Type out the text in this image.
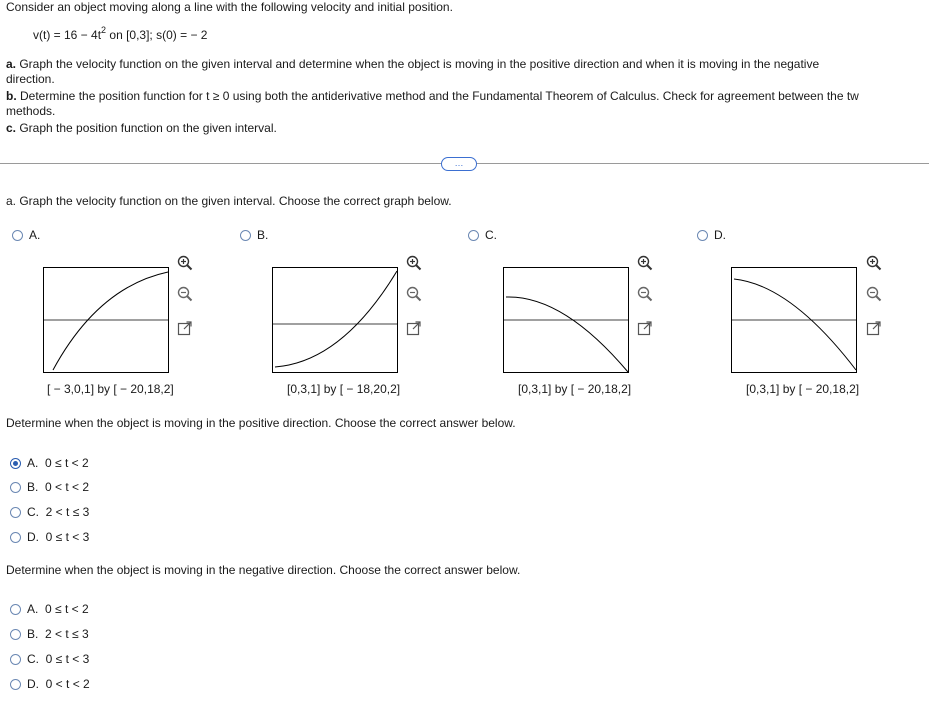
Consider an object moving along a line with the following velocity and initial position.
$v(t) = 16 - 4t^2$ on [0,3]; s(0) = − 2
a. Graph the velocity function on the given interval and determine when the object is moving in the positive direction and when it is moving in the negative
direction.
b. Determine the position function for t ≥ 0 using both the antiderivative method and the Fundamental Theorem of Calculus. Check for agreement between the tw
methods.
c. Graph the position function on the given interval.
…
a. Graph the velocity function on the given interval. Choose the correct graph below.
A.	B.	C.	D.
[ − 3,0,1] by [ − 20,18,2]	[0,3,1] by [ − 18,20,2]	[0,3,1] by [ − 20,18,2]	[0,3,1] by [ − 20,18,2]
Determine when the object is moving in the positive direction. Choose the correct answer below.
A. 0 ≤ t < 2
B. 0 < t < 2
C. 2 < t ≤ 3
D. 0 ≤ t < 3
Determine when the object is moving in the negative direction. Choose the correct answer below.
A. 0 ≤ t < 2
B. 2 < t ≤ 3
C. 0 ≤ t < 3
D. 0 < t < 2
